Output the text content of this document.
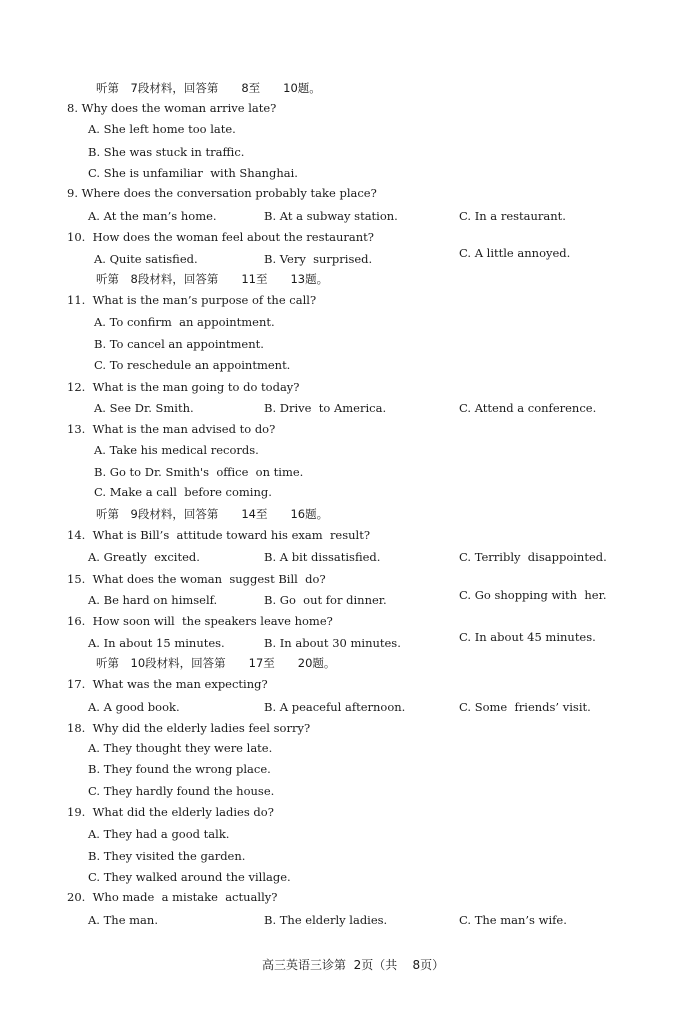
听第　7段材料，回答第　　8至　　10题。
8. Why does the woman arrive late?
A. She left home too late.
B. She was stuck in traffic.
C. She is unfamiliar  with Shanghai.
9. Where does the conversation probably take place?
A. At the man’s home.	B. At a subway station.	C. In a restaurant.
10.  How does the woman feel about the restaurant?
A. Quite satisfied.	B. Very  surprised.	C. A little annoyed.
听第　8段材料，回答第　　11至　　13题。
11.  What is the man’s purpose of the call?
A. To confirm  an appointment.
B. To cancel an appointment.
C. To reschedule an appointment.
12.  What is the man going to do today?
A. See Dr. Smith.	B. Drive  to America.	C. Attend a conference.
13.  What is the man advised to do?
A. Take his medical records.
B. Go to Dr. Smith's  office  on time.
C. Make a call  before coming.
听第　9段材料，回答第　　14至　　16题。
14.  What is Bill’s  attitude toward his exam  result?
A. Greatly  excited.	B. A bit dissatisfied.	C. Terribly  disappointed.
15.  What does the woman  suggest Bill  do?
A. Be hard on himself.	B. Go  out for dinner.	C. Go shopping with  her.
16.  How soon will  the speakers leave home?
A. In about 15 minutes.	B. In about 30 minutes.	C. In about 45 minutes.
听第　10段材料，回答第　　17至　　20题。
17.  What was the man expecting?
A. A good book.	B. A peaceful afternoon.	C. Some  friends’ visit.
18.  Why did the elderly ladies feel sorry?
A. They thought they were late.
B. They found the wrong place.
C. They hardly found the house.
19.  What did the elderly ladies do?
A. They had a good talk.
B. They visited the garden.
C. They walked around the village.
20.  Who made  a mistake  actually?
A. The man.	B. The elderly ladies.	C. The man’s wife.
高三英语三诊第  2页（共    8页）
